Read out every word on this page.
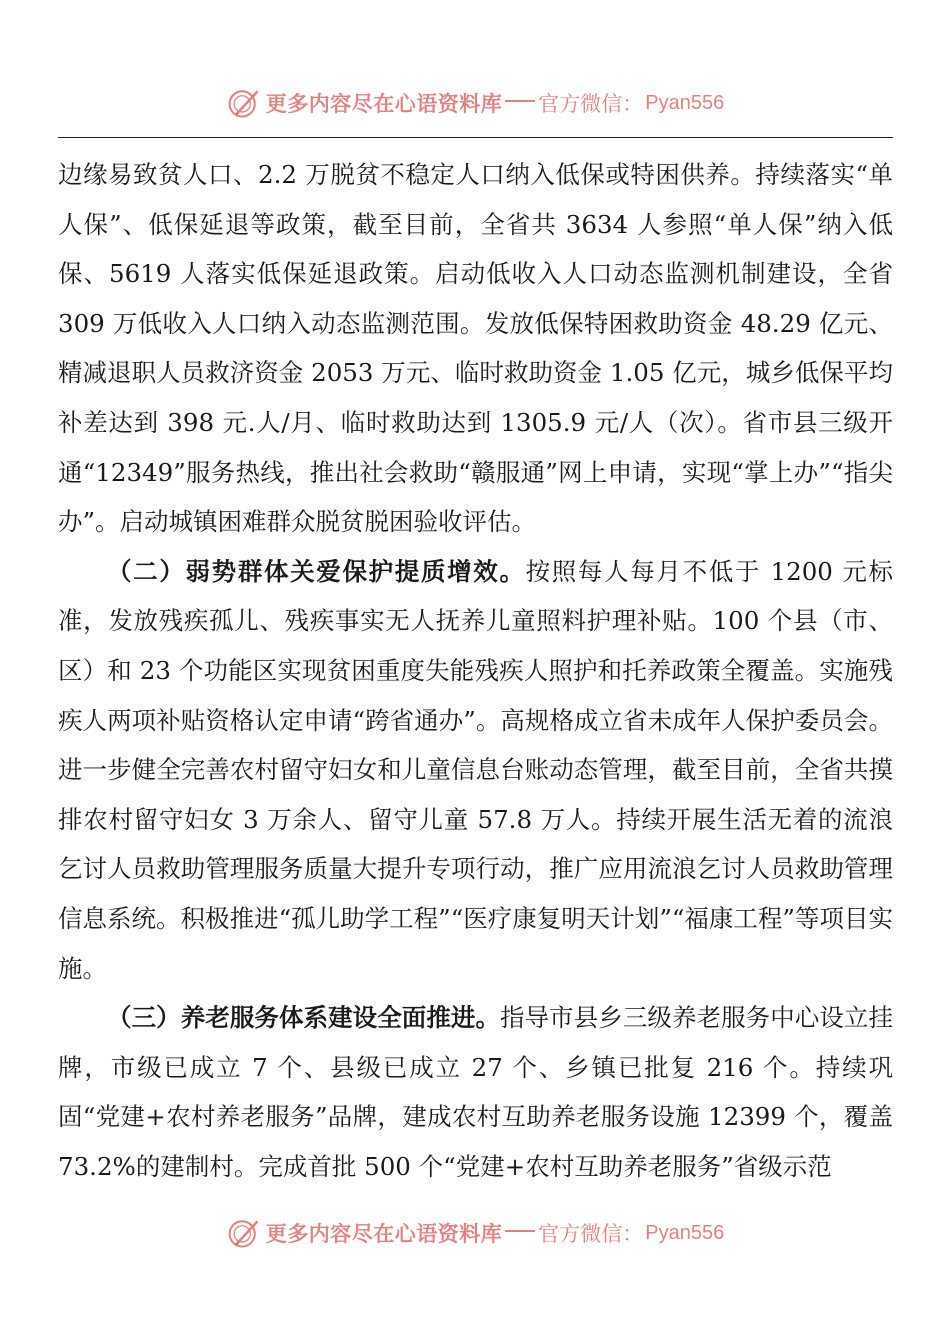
更多内容尽在心语资料库 官方微信： Pyan556

边缘易致贫人口、2.2 万脱贫不稳定人口纳入低保或特困供养。持续落实“单人保”、低保延退等政策，截至目前，全省共 3634 人参照“单人保”纳入低保、5619 人落实低保延退政策。启动低收入人口动态监测机制建设，全省 309 万低收入人口纳入动态监测范围。发放低保特困救助资金 48.29 亿元、精减退职人员救济资金 2053 万元、临时救助资金 1.05 亿元，城乡低保平均补差达到 398 元.人/月、临时救助达到 1305.9 元/人（次）。省市县三级开通“12349”服务热线，推出社会救助“赣服通”网上申请，实现“掌上办”“指尖办”。启动城镇困难群众脱贫脱困验收评估。

（二）弱势群体关爱保护提质增效。按照每人每月不低于 1200 元标准，发放残疾孤儿、残疾事实无人抚养儿童照料护理补贴。100 个县（市、区）和 23 个功能区实现贫困重度失能残疾人照护和托养政策全覆盖。实施残疾人两项补贴资格认定申请“跨省通办”。高规格成立省未成年人保护委员会。进一步健全完善农村留守妇女和儿童信息台账动态管理，截至目前，全省共摸排农村留守妇女 3 万余人、留守儿童 57.8 万人。持续开展生活无着的流浪乞讨人员救助管理服务质量大提升专项行动，推广应用流浪乞讨人员救助管理信息系统。积极推进“孤儿助学工程”“医疗康复明天计划”“福康工程”等项目实施。

（三）养老服务体系建设全面推进。指导市县乡三级养老服务中心设立挂牌，市级已成立 7 个、县级已成立 27 个、乡镇已批复 216 个。持续巩固“党建+农村养老服务”品牌，建成农村互助养老服务设施 12399 个，覆盖 73.2%的建制村。完成首批 500 个“党建+农村互助养老服务”省级示范

更多内容尽在心语资料库 官方微信： Pyan556
